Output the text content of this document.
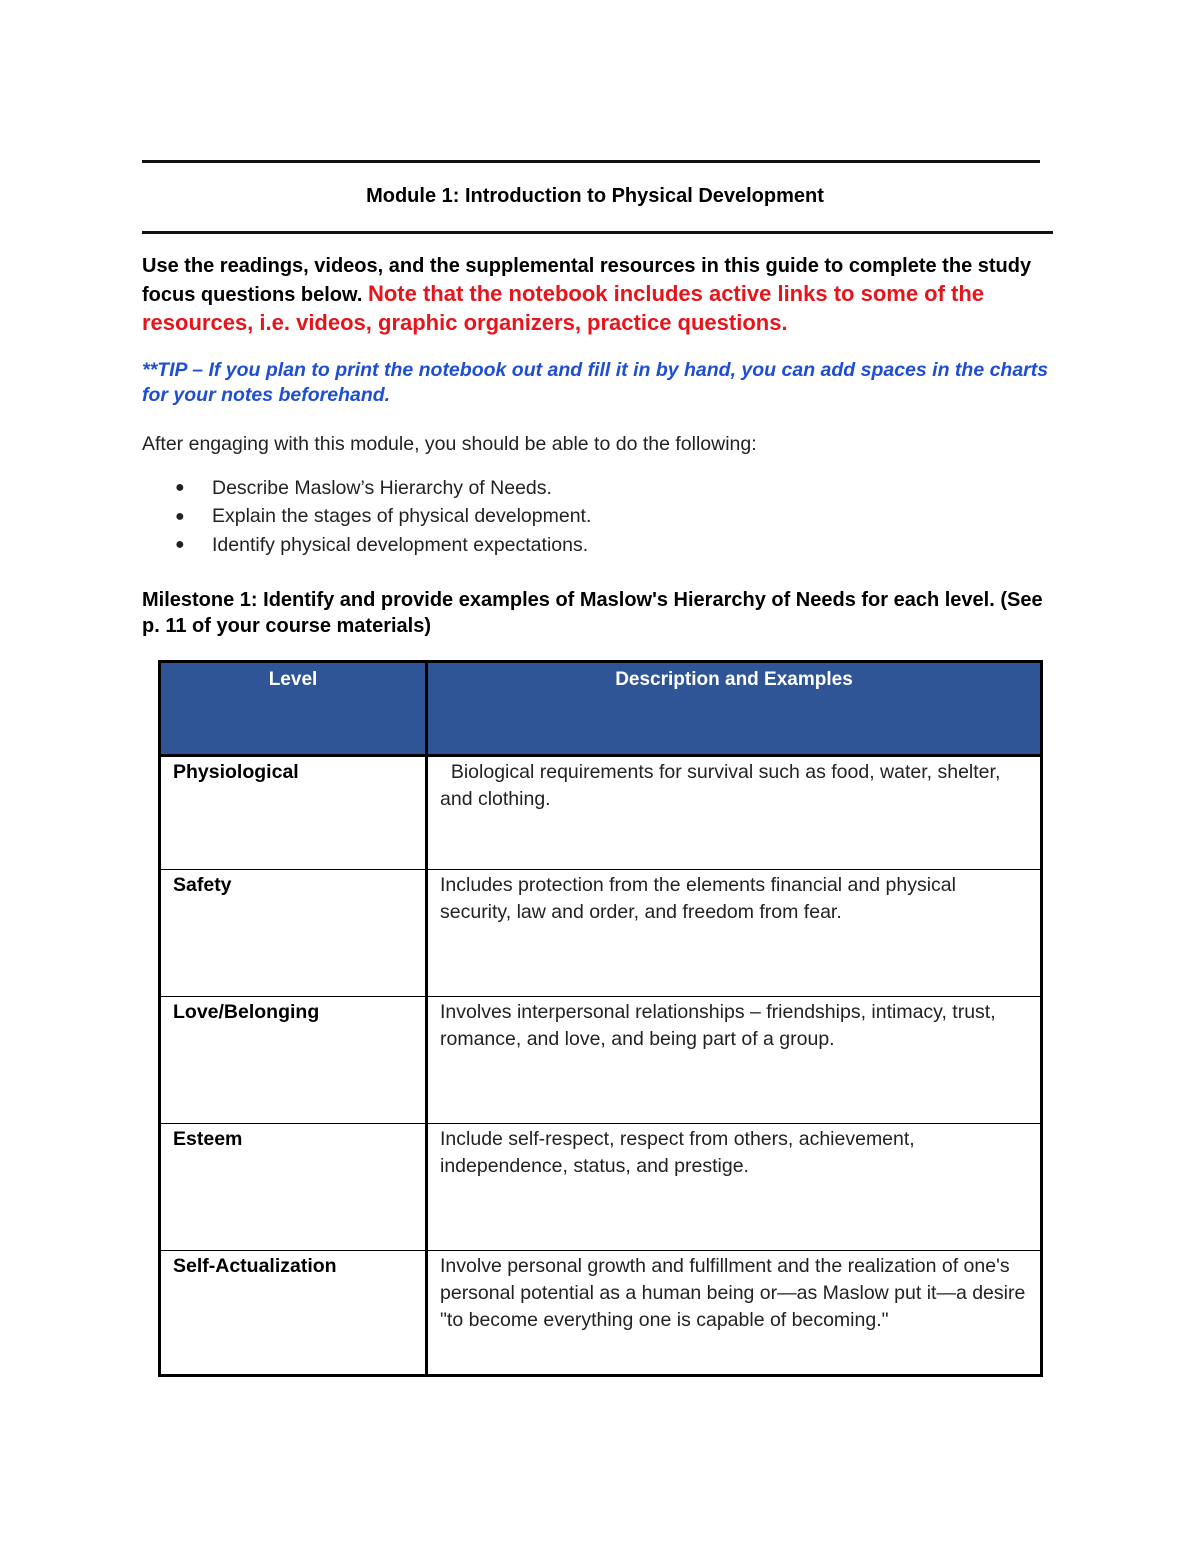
Module 1: Introduction to Physical Development
Use the readings, videos, and the supplemental resources in this guide to complete the study focus questions below. Note that the notebook includes active links to some of the resources, i.e. videos, graphic organizers, practice questions.
**TIP – If you plan to print the notebook out and fill it in by hand, you can add spaces in the charts for your notes beforehand.
After engaging with this module, you should be able to do the following:
●	Describe Maslow’s Hierarchy of Needs.
●	Explain the stages of physical development.
●	Identify physical development expectations.
Milestone 1: Identify and provide examples of Maslow's Hierarchy of Needs for each level. (See p. 11 of your course materials)
Level	Description and Examples
Physiological	Biological requirements for survival such as food, water, shelter, and clothing.
Safety	Includes protection from the elements financial and physical security, law and order, and freedom from fear.
Love/Belonging	Involves interpersonal relationships – friendships, intimacy, trust, romance, and love, and being part of a group.
Esteem	Include self-respect, respect from others, achievement, independence, status, and prestige.
Self-Actualization	Involve personal growth and fulfillment and the realization of one's personal potential as a human being or—as Maslow put it—a desire "to become everything one is capable of becoming."
